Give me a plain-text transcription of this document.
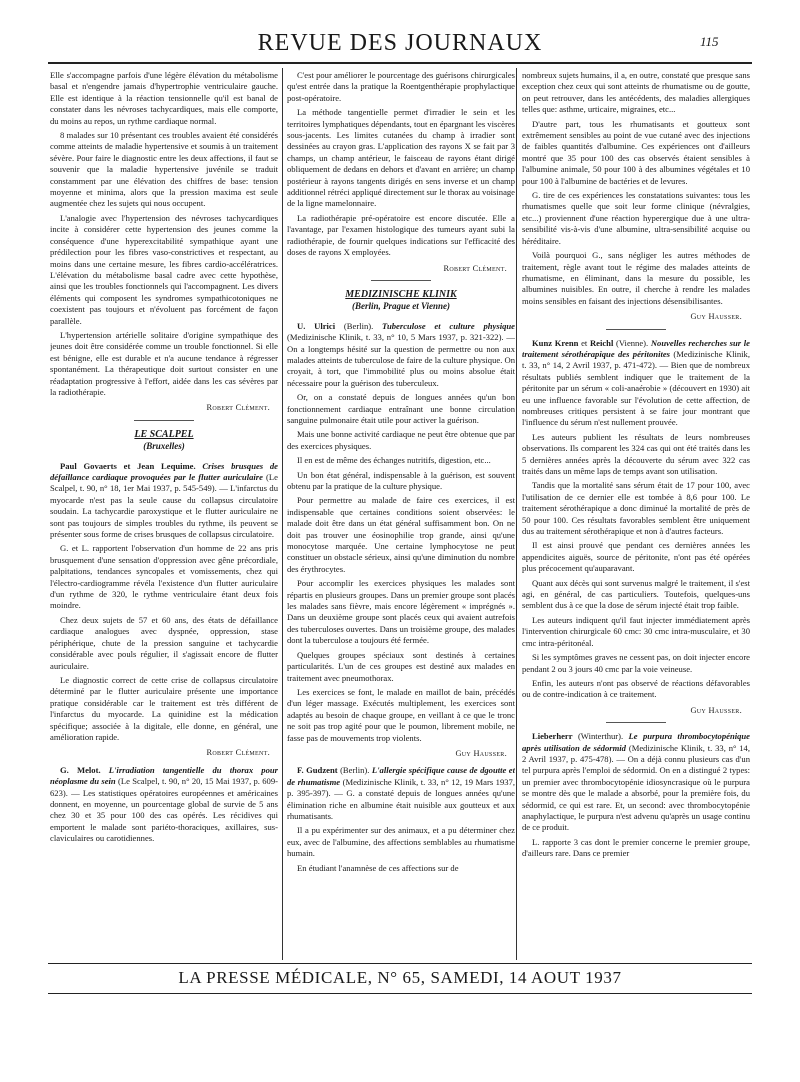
REVUE DES JOURNAUX	115

Elle s'accompagne parfois d'une légère élévation du métabolisme basal et n'engendre jamais d'hypertrophie ventriculaire gauche. Elle est identique à la réaction tensionnelle qu'il est banal de constater dans les névroses tachycardiques, mais elle comporte, du moins au repos, un rythme cardiaque normal.

8 malades sur 10 présentant ces troubles avaient été considérés comme atteints de maladie hypertensive et soumis à un traitement sévère. Pour faire le diagnostic entre les deux affections, il faut se souvenir que la maladie hypertensive juvénile se traduit constamment par une élévation des chiffres de base: tension moyenne et minima, alors que la pression maxima est seule augmentée chez les sujets qui nous occupent.

L'analogie avec l'hypertension des névroses tachycardiques incite à considérer cette hypertension des jeunes comme la conséquence d'une hyperexcitabilité sympathique ayant une prédilection pour les fibres vaso-constrictives et respectant, au moins dans une certaine mesure, les fibres cardio-accélératrices. L'élévation du métabolisme basal cadre avec cette hypothèse, ainsi que les troubles fonctionnels qui l'accompagnent. Les divers éléments qui composent les syndromes sympathicotoniques ne coexistent pas toujours et n'évoluent pas forcément de façon parallèle.

L'hypertension artérielle solitaire d'origine sympathique des jeunes doit être considérée comme un trouble fonctionnel. Si elle est bénigne, elle est durable et n'a aucune tendance à régresser spontanément. La thérapeutique doit surtout consister en une réadaptation progressive à l'effort, aidée dans les cas sévères par la radiothérapie.

Robert Clément.
LE SCALPEL
(Bruxelles)

Paul Govaerts et Jean Lequime. Crises brusques de défaillance cardiaque provoquées par le flutter auriculaire (Le Scalpel, t. 90, n° 18, 1er Mai 1937, p. 545-549). — L'infarctus du myocarde n'est pas la seule cause du collapsus circulatoire soudain. La tachycardie paroxystique et le flutter auriculaire ne sont pas toujours de simples troubles du rythme, ils peuvent se présenter sous forme de crises brusques de collapsus circulatoire.

G. et L. rapportent l'observation d'un homme de 22 ans pris brusquement d'une sensation d'oppression avec gêne précordiale, palpitations, tendances syncopales et vomissements, chez qui l'électro-cardiogramme révéla l'existence d'un flutter auriculaire d'un rythme de 320, le rythme ventriculaire étant deux fois moindre.

Chez deux sujets de 57 et 60 ans, des états de défaillance cardiaque analogues avec dyspnée, oppression, stase périphérique, chute de la pression sanguine et tachycardie considérable avec pouls régulier, il s'agissait encore de flutter auriculaire.

Le diagnostic correct de cette crise de collapsus circulatoire déterminé par le flutter auriculaire présente une importance pratique considérable car le traitement est très différent de l'infarctus du myocarde. La quinidine est la médication spécifique; associée à la digitale, elle donne, en général, une amélioration rapide.

Robert Clément.

G. Melot. L'irradiation tangentielle du thorax pour néoplasme du sein (Le Scalpel, t. 90, n° 20, 15 Mai 1937, p. 609-623). — Les statistiques opératoires européennes et américaines donnent, en moyenne, un pourcentage global de survie de 5 ans chez 30 et 35 pour 100 des cas opérés. Les récidives qui emportent le malade sont pariéto-thoraciques, axillaires, sus-claviculaires ou carotidiennes.

C'est pour améliorer le pourcentage des guérisons chirurgicales qu'est entrée dans la pratique la Roentgenthérapie prophylactique post-opératoire.

La méthode tangentielle permet d'irradier le sein et les territoires lymphatiques dépendants, tout en épargnant les viscères sous-jacents. Les limites cutanées du champ à irradier sont dessinées au crayon gras. L'application des rayons X se fait par 3 champs, un champ antérieur, le faisceau de rayons étant dirigé obliquement de dedans en dehors et d'avant en arrière; un champ postérieur à rayons tangents dirigés en sens inverse et un champ additionnel rétréci appliqué directement sur le thorax au voisinage de la ligne mamelonnaire.

La radiothérapie pré-opératoire est encore discutée. Elle a l'avantage, par l'examen histologique des tumeurs ayant subi la radiothérapie, de fournir quelques indications sur l'efficacité des doses de rayons X employées.

Robert Clément.
MEDIZINISCHE KLINIK
(Berlin, Prague et Vienne)

U. Ulrici (Berlin). Tuberculose et culture physique (Medizinische Klinik, t. 33, n° 10, 5 Mars 1937, p. 321-322). — On a longtemps hésité sur la question de permettre ou non aux malades atteints de tuberculose de faire de la culture physique. On croyait, à tort, que l'immobilité plus ou moins absolue était nécessaire pour la guérison des tuberculeux.

Or, on a constaté depuis de longues années qu'un bon fonctionnement cardiaque entraînant une bonne circulation sanguine pulmonaire était utile pour activer la guérison.

Mais une bonne activité cardiaque ne peut être obtenue que par des exercices physiques.

Il en est de même des échanges nutritifs, digestion, etc...

Un bon état général, indispensable à la guérison, est souvent obtenu par la pratique de la culture physique.

Pour permettre au malade de faire ces exercices, il est indispensable que certaines conditions soient observées: le malade doit être dans un état général suffisamment bon. On ne doit pas trouver une éosinophilie trop grande, ainsi qu'une monocytose marquée. Une certaine lymphocytose ne peut constituer un obstacle sérieux, ainsi qu'une diminution du nombre des érythrocytes.

Pour accomplir les exercices physiques les malades sont répartis en plusieurs groupes. Dans un premier groupe sont placés les malades sans fièvre, mais encore légèrement « imprégnés ». Dans un deuxième groupe sont placés ceux qui avaient autrefois des tuberculoses ouvertes. Dans un troisième groupe, des malades dont la tuberculose a toujours été fermée.

Quelques groupes spéciaux sont destinés à certaines particularités. L'un de ces groupes est destiné aux malades en traitement avec pneumothorax.

Les exercices se font, le malade en maillot de bain, précédés d'un léger massage. Exécutés multiplement, les exercices sont adaptés au besoin de chaque groupe, en veillant à ce que le tronc ne soit pas trop agité pour que le poumon, librement mobile, ne fasse pas de mouvements trop violents.

Guy Hausser.

F. Gudzent (Berlin). L'allergie spécifique cause de dgoutte et de rhumatisme (Medizinische Klinik, t. 33, n° 12, 19 Mars 1937, p. 395-397). — G. a constaté depuis de longues années qu'une élimination riche en albumine était nuisible aux goutteux et aux rhumatisants.

Il a pu expérimenter sur des animaux, et a pu déterminer chez eux, avec de l'albumine, des affections semblables au rhumatisme humain.

En étudiant l'anamnèse de ces affections sur de

nombreux sujets humains, il a, en outre, constaté que presque sans exception chez ceux qui sont atteints de rhumatisme ou de goutte, on peut retrouver, dans les antécédents, des maladies allergiques telles que: asthme, urticaire, migraines, etc...

D'autre part, tous les rhumatisants et goutteux sont extrêmement sensibles au point de vue cutané avec des injections de faibles quantités d'albumine. Ces expériences ont d'ailleurs montré que 35 pour 100 des cas observés étaient sensibles à l'albumine animale, 50 pour 100 à des albumines végétales et 10 pour 100 à l'albumine de bactéries et de levures.

G. tire de ces expériences les constatations suivantes: tous les rhumatismes quelle que soit leur forme clinique (névralgies, etc...) proviennent d'une réaction hyperergique due à une ultra-sensibilité vis-à-vis d'une albumine, ultra-sensibilité acquise ou héréditaire.

Voilà pourquoi G., sans négliger les autres méthodes de traitement, règle avant tout le régime des malades atteints de rhumatisme, en éliminant, dans la mesure du possible, les albumines nuisibles. En outre, il cherche à rendre les malades moins sensibles en faisant des injections désensibilisantes.

Guy Hausser.

Kunz Krenn et Reichl (Vienne). Nouvelles recherches sur le traitement sérothérapique des péritonites (Medizinische Klinik, t. 33, n° 14, 2 Avril 1937, p. 471-472). — Bien que de nombreux résultats publiés semblent indiquer que le traitement de la péritonite par un sérum « coli-anaérobie » (découvert en 1930) ait eu une influence favorable sur l'évolution de cette affection, de nombreuses critiques persistent à se faire jour montrant que l'influence du sérum n'est nullement prouvée.

Les auteurs publient les résultats de leurs nombreuses observations. Ils comparent les 324 cas qui ont été traités dans les 5 dernières années après la découverte du sérum avec 322 cas traités dans un même laps de temps avant son utilisation.

Tandis que la mortalité sans sérum était de 17 pour 100, avec l'utilisation de ce dernier elle est tombée à 8,6 pour 100. Le traitement sérothérapique a donc diminué la mortalité de près de 50 pour 100. Ces résultats favorables semblent être uniquement dus au traitement sérothérapique et non à d'autres facteurs.

Il est ainsi prouvé que pendant ces dernières années les appendicites aiguës, source de péritonite, n'ont pas été opérées plus précocement qu'auparavant.

Quant aux décès qui sont survenus malgré le traitement, il s'est agi, en général, de cas particuliers. Toutefois, quelques-uns semblent dus à ce que la dose de sérum injecté était trop faible.

Les auteurs indiquent qu'il faut injecter immédiatement après l'intervention chirurgicale 60 cmc: 30 cmc intra-musculaire, et 30 cmc intra-péritonéal.

Si les symptômes graves ne cessent pas, on doit injecter encore pendant 2 ou 3 jours 40 cmc par la voie veineuse.

Enfin, les auteurs n'ont pas observé de réactions défavorables ou de contre-indication à ce traitement.

Guy Hausser.

Lieberherr (Winterthur). Le purpura thrombocytopénique après utilisation de sédormid (Medizinische Klinik, t. 33, n° 14, 2 Avril 1937, p. 475-478). — On a déjà connu plusieurs cas d'un tel purpura après l'emploi de sédormid. On en a distingué 2 types: un premier avec thrombocytopénie idiosyncrasique où le purpura se montre dès que le malade a absorbé, pour la première fois, du sédormid, ce qui est rare. Et, un second: avec thrombocytopénie anaphylactique, le purpura n'est advenu qu'après un usage continu de ce produit.

L. rapporte 3 cas dont le premier concerne le premier groupe, d'ailleurs rare. Dans ce premier

LA PRESSE MÉDICALE, N° 65, SAMEDI, 14 AOUT 1937
